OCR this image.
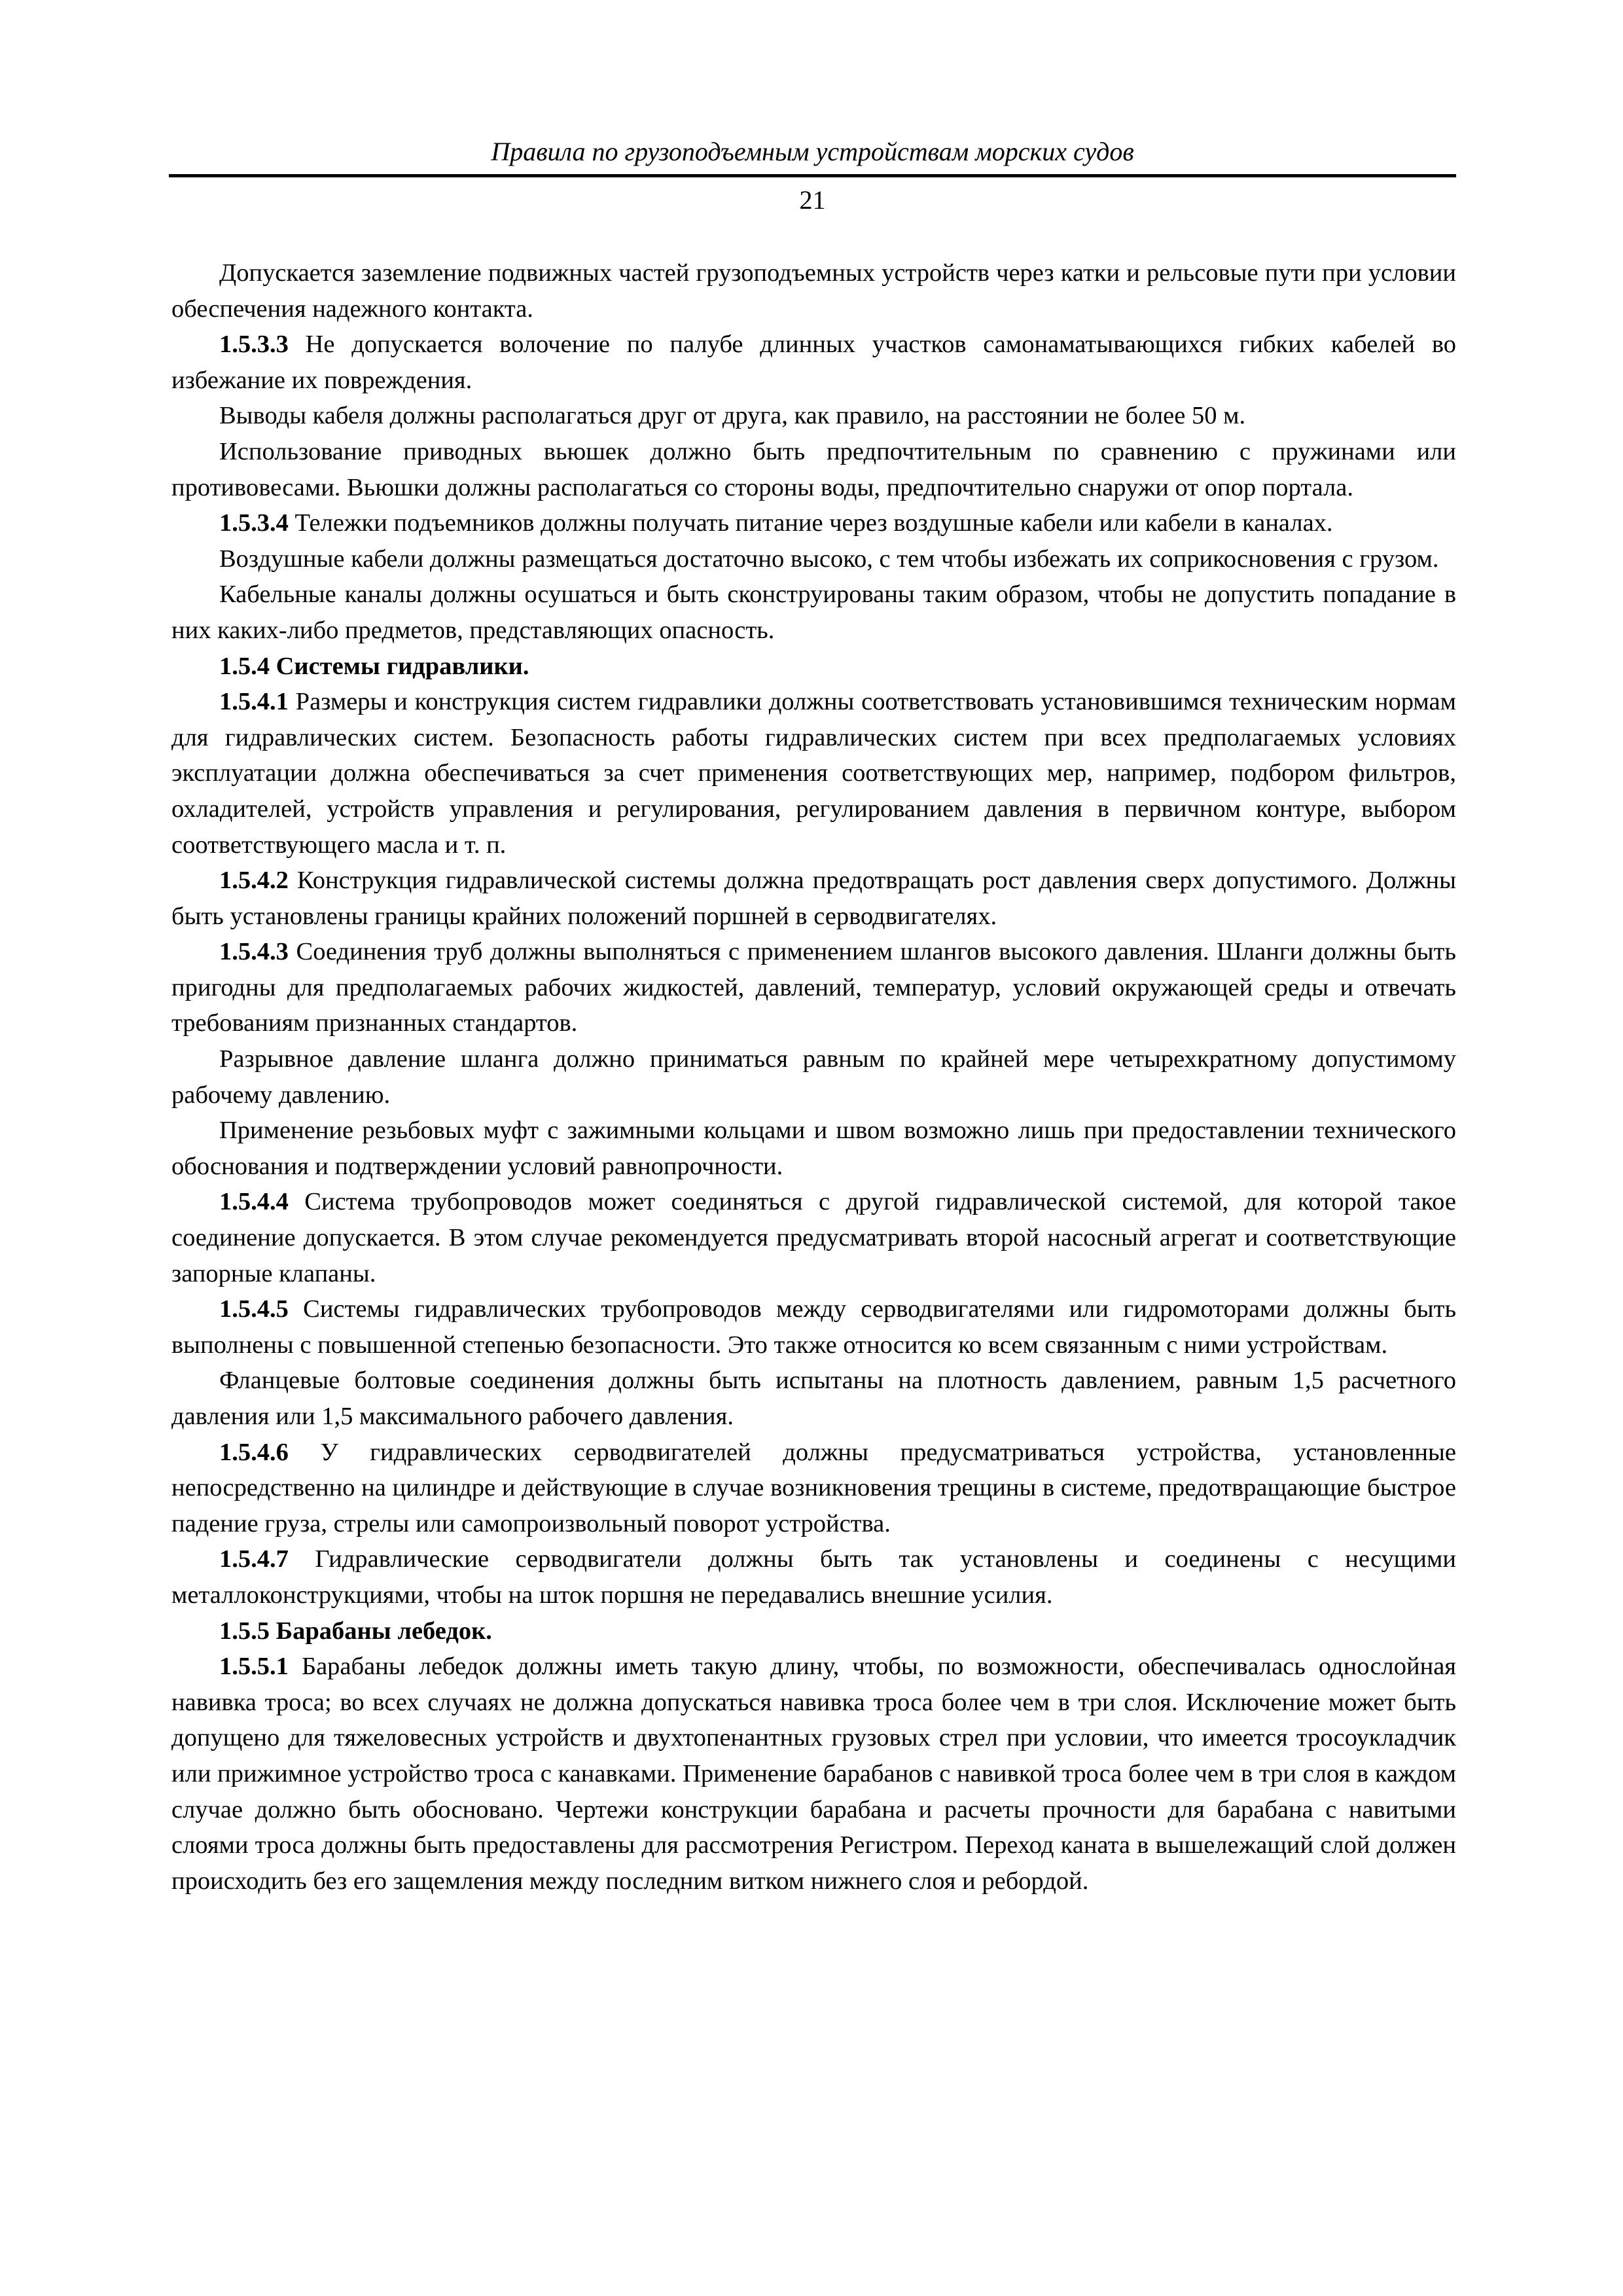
Правила по грузоподъемным устройствам морских судов
21

Допускается заземление подвижных частей грузоподъемных устройств через катки и рельсовые пути при условии обеспечения надежного контакта.

1.5.3.3 Не допускается волочение по палубе длинных участков самонаматывающихся гибких кабелей во избежание их повреждения.

Выводы кабеля должны располагаться друг от друга, как правило, на расстоянии не более 50 м.

Использование приводных вьюшек должно быть предпочтительным по сравнению с пружинами или противовесами. Вьюшки должны располагаться со стороны воды, предпочтительно снаружи от опор портала.

1.5.3.4 Тележки подъемников должны получать питание через воздушные кабели или кабели в каналах.

Воздушные кабели должны размещаться достаточно высоко, с тем чтобы избежать их соприкосновения с грузом.

Кабельные каналы должны осушаться и быть сконструированы таким образом, чтобы не допустить попадание в них каких-либо предметов, представляющих опасность.

1.5.4 Системы гидравлики.

1.5.4.1 Размеры и конструкция систем гидравлики должны соответствовать установившимся техническим нормам для гидравлических систем. Безопасность работы гидравлических систем при всех предполагаемых условиях эксплуатации должна обеспечиваться за счет применения соответствующих мер, например, подбором фильтров, охладителей, устройств управления и регулирования, регулированием давления в первичном контуре, выбором соответствующего масла и т. п.

1.5.4.2 Конструкция гидравлической системы должна предотвращать рост давления сверх допустимого. Должны быть установлены границы крайних положений поршней в серводвигателях.

1.5.4.3 Соединения труб должны выполняться с применением шлангов высокого давления. Шланги должны быть пригодны для предполагаемых рабочих жидкостей, давлений, температур, условий окружающей среды и отвечать требованиям признанных стандартов.

Разрывное давление шланга должно приниматься равным по крайней мере четырехкратному допустимому рабочему давлению.

Применение резьбовых муфт с зажимными кольцами и швом возможно лишь при предоставлении технического обоснования и подтверждении условий равнопрочности.

1.5.4.4 Система трубопроводов может соединяться с другой гидравлической системой, для которой такое соединение допускается. В этом случае рекомендуется предусматривать второй насосный агрегат и соответствующие запорные клапаны.

1.5.4.5 Системы гидравлических трубопроводов между серводвигателями или гидромоторами должны быть выполнены с повышенной степенью безопасности. Это также относится ко всем связанным с ними устройствам.

Фланцевые болтовые соединения должны быть испытаны на плотность давлением, равным 1,5 расчетного давления или 1,5 максимального рабочего давления.

1.5.4.6 У гидравлических серводвигателей должны предусматриваться устройства, установленные непосредственно на цилиндре и действующие в случае возникновения трещины в системе, предотвращающие быстрое падение груза, стрелы или самопроизвольный поворот устройства.

1.5.4.7 Гидравлические серводвигатели должны быть так установлены и соединены с несущими металлоконструкциями, чтобы на шток поршня не передавались внешние усилия.

1.5.5 Барабаны лебедок.

1.5.5.1 Барабаны лебедок должны иметь такую длину, чтобы, по возможности, обеспечивалась однослойная навивка троса; во всех случаях не должна допускаться навивка троса более чем в три слоя. Исключение может быть допущено для тяжеловесных устройств и двухтопенантных грузовых стрел при условии, что имеется тросоукладчик или прижимное устройство троса с канавками. Применение барабанов с навивкой троса более чем в три слоя в каждом случае должно быть обосновано. Чертежи конструкции барабана и расчеты прочности для барабана с навитыми слоями троса должны быть предоставлены для рассмотрения Регистром. Переход каната в вышележащий слой должен происходить без его защемления между последним витком нижнего слоя и ребордой.
